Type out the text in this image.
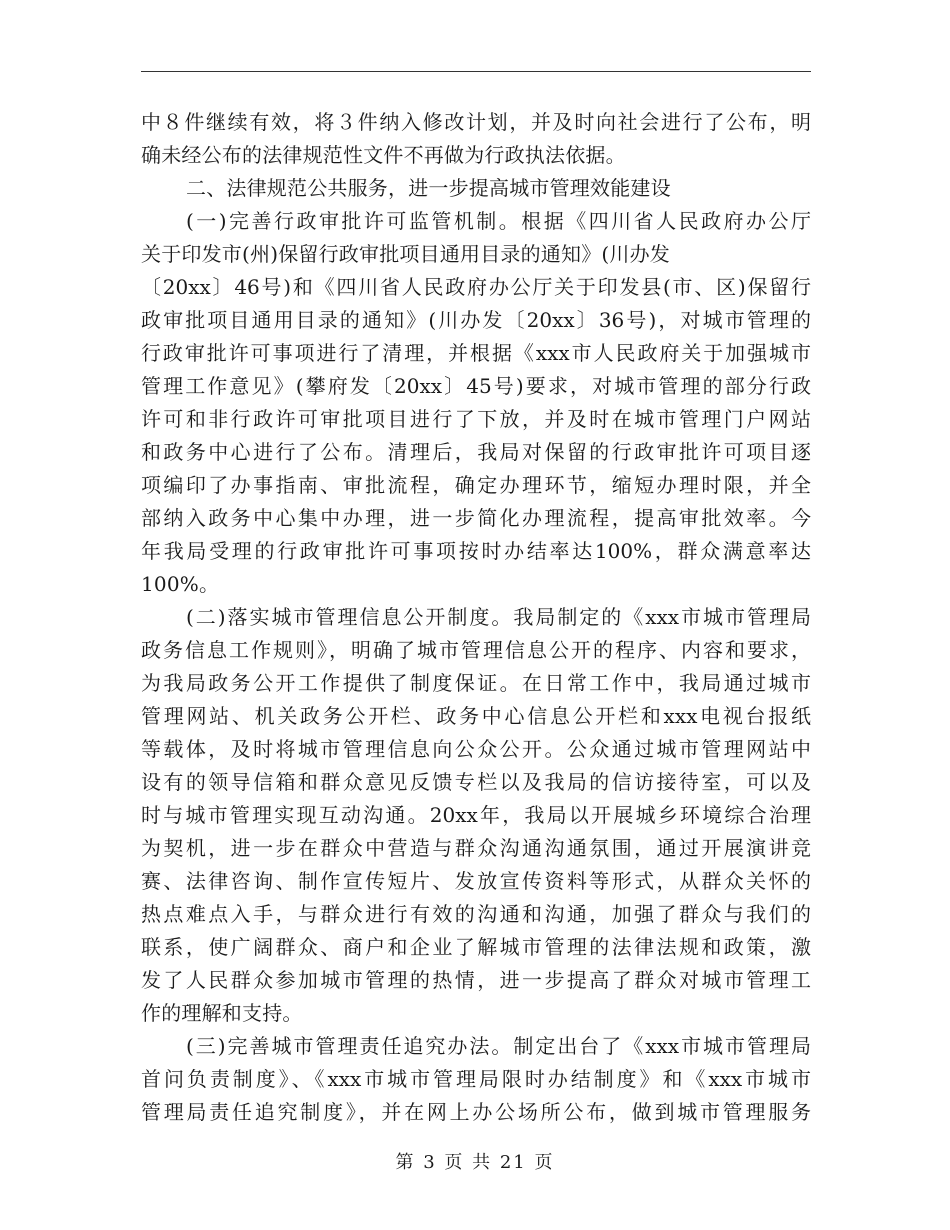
中８件继续有效，将３件纳入修改计划，并及时向社会进行了公布，明
确未经公布的法律规范性文件不再做为行政执法依据。
二、法律规范公共服务，进一步提高城市管理效能建设
(一)完善行政审批许可监管机制。根据《四川省人民政府办公厅
关于印发市(州)保留行政审批项目通用目录的通知》(川办发
〔20xx〕46号)和《四川省人民政府办公厅关于印发县(市、区)保留行
政审批项目通用目录的通知》(川办发〔20xx〕36号)，对城市管理的
行政审批许可事项进行了清理，并根据《xxx市人民政府关于加强城市
管理工作意见》(攀府发〔20xx〕45号)要求，对城市管理的部分行政
许可和非行政许可审批项目进行了下放，并及时在城市管理门户网站
和政务中心进行了公布。清理后，我局对保留的行政审批许可项目逐
项编印了办事指南、审批流程，确定办理环节，缩短办理时限，并全
部纳入政务中心集中办理，进一步简化办理流程，提高审批效率。今
年我局受理的行政审批许可事项按时办结率达100%，群众满意率达
100%。
(二)落实城市管理信息公开制度。我局制定的《xxx市城市管理局
政务信息工作规则》，明确了城市管理信息公开的程序、内容和要求，
为我局政务公开工作提供了制度保证。在日常工作中，我局通过城市
管理网站、机关政务公开栏、政务中心信息公开栏和xxx电视台报纸
等载体，及时将城市管理信息向公众公开。公众通过城市管理网站中
设有的领导信箱和群众意见反馈专栏以及我局的信访接待室，可以及
时与城市管理实现互动沟通。20xx年，我局以开展城乡环境综合治理
为契机，进一步在群众中营造与群众沟通沟通氛围，通过开展演讲竞
赛、法律咨询、制作宣传短片、发放宣传资料等形式，从群众关怀的
热点难点入手，与群众进行有效的沟通和沟通，加强了群众与我们的
联系，使广阔群众、商户和企业了解城市管理的法律法规和政策，激
发了人民群众参加城市管理的热情，进一步提高了群众对城市管理工
作的理解和支持。
(三)完善城市管理责任追究办法。制定出台了《xxx市城市管理局
首问负责制度》、《xxx市城市管理局限时办结制度》和《xxx市城市
管理局责任追究制度》，并在网上办公场所公布，做到城市管理服务
第 3 页 共 21 页
